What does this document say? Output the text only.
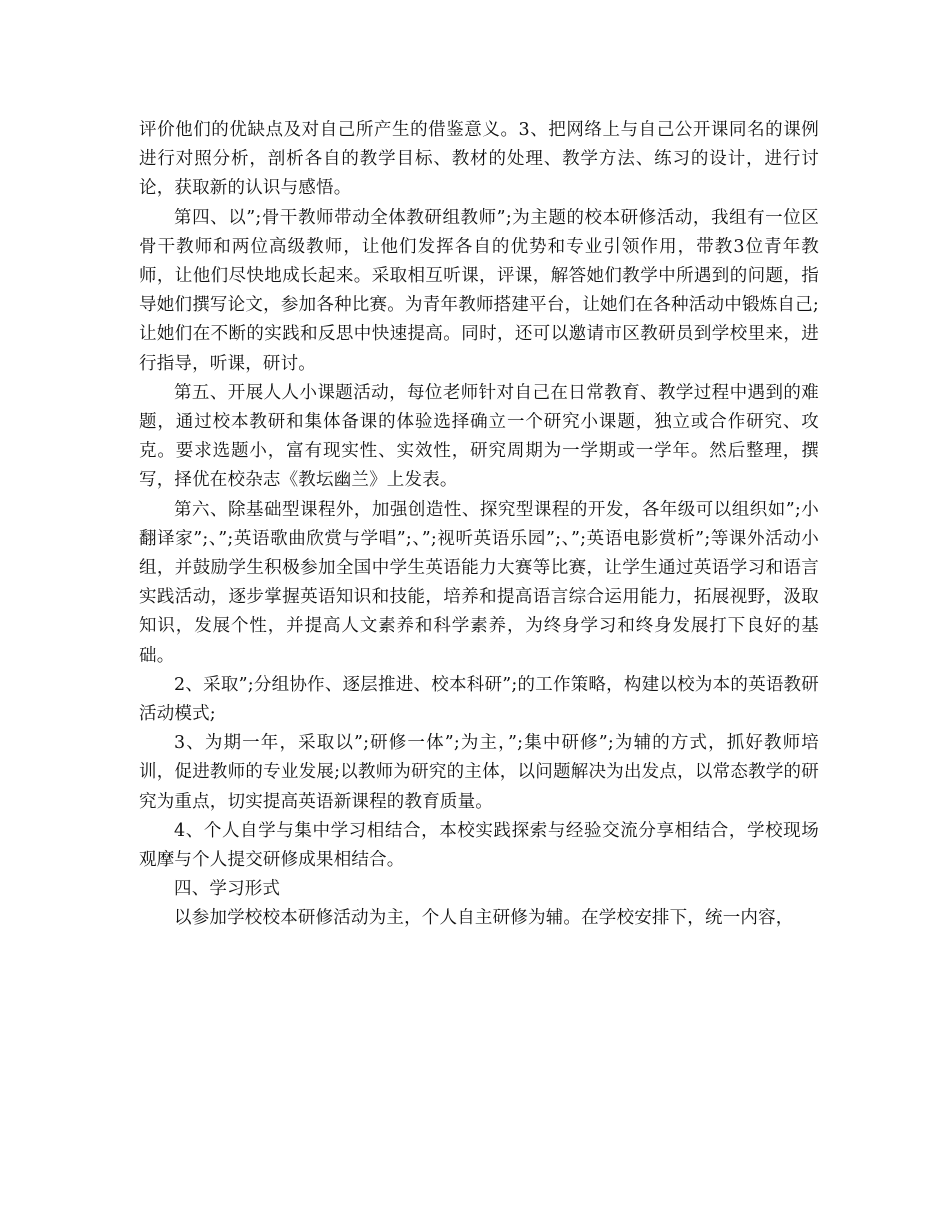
评价他们的优缺点及对自己所产生的借鉴意义。3、把网络上与自己公开课同名的课例进行对照分析，剖析各自的教学目标、教材的处理、教学方法、练习的设计，进行讨论，获取新的认识与感悟。

第四、以”;骨干教师带动全体教研组教师”;为主题的校本研修活动，我组有一位区骨干教师和两位高级教师，让他们发挥各自的优势和专业引领作用，带教3位青年教师，让他们尽快地成长起来。采取相互听课，评课，解答她们教学中所遇到的问题，指导她们撰写论文，参加各种比赛。为青年教师搭建平台，让她们在各种活动中锻炼自己;让她们在不断的实践和反思中快速提高。同时，还可以邀请市区教研员到学校里来，进行指导，听课，研讨。

第五、开展人人小课题活动，每位老师针对自己在日常教育、教学过程中遇到的难题，通过校本教研和集体备课的体验选择确立一个研究小课题，独立或合作研究、攻克。要求选题小，富有现实性、实效性，研究周期为一学期或一学年。然后整理，撰写，择优在校杂志《教坛幽兰》上发表。

第六、除基础型课程外，加强创造性、探究型课程的开发，各年级可以组织如”;小翻译家”;、”;英语歌曲欣赏与学唱”;、”;视听英语乐园”;、”;英语电影赏析”;等课外活动小组，并鼓励学生积极参加全国中学生英语能力大赛等比赛，让学生通过英语学习和语言实践活动，逐步掌握英语知识和技能，培养和提高语言综合运用能力，拓展视野，汲取知识，发展个性，并提高人文素养和科学素养，为终身学习和终身发展打下良好的基础。

2、采取”;分组协作、逐层推进、校本科研”;的工作策略，构建以校为本的英语教研活动模式;

3、为期一年，采取以”;研修一体”;为主，”;集中研修”;为辅的方式，抓好教师培训，促进教师的专业发展;以教师为研究的主体，以问题解决为出发点，以常态教学的研究为重点，切实提高英语新课程的教育质量。

4、个人自学与集中学习相结合，本校实践探索与经验交流分享相结合，学校现场观摩与个人提交研修成果相结合。

四、学习形式

以参加学校校本研修活动为主，个人自主研修为辅。在学校安排下，统一内容，
